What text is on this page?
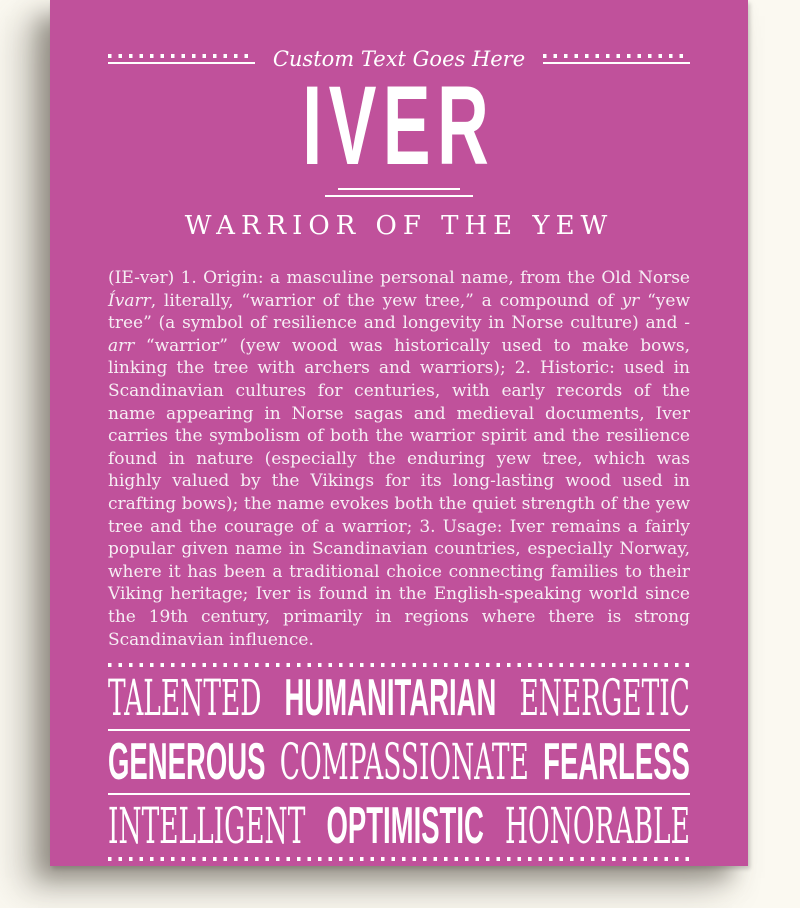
Custom Text Goes Here
IVER
WARRIOR OF THE YEW

(IE-vər) 1. Origin: a masculine personal name, from the Old Norse Ívarr, literally, “warrior of the yew tree,” a compound of yr “yew tree” (a symbol of resilience and longevity in Norse culture) and -arr “warrior” (yew wood was historically used to make bows, linking the tree with archers and warriors); 2. Historic: used in Scandinavian cultures for centuries, with early records of the name appearing in Norse sagas and medieval documents, Iver carries the symbolism of both the warrior spirit and the resilience found in nature (especially the enduring yew tree, which was highly valued by the Vikings for its long-lasting wood used in crafting bows); the name evokes both the quiet strength of the yew tree and the courage of a warrior; 3. Usage: Iver remains a fairly popular given name in Scandinavian countries, especially Norway, where it has been a traditional choice connecting families to their Viking heritage; Iver is found in the English-speaking world since the 19th century, primarily in regions where there is strong Scandinavian influence.

TALENTED HUMANITARIAN ENERGETIC
GENEROUS COMPASSIONATE FEARLESS
INTELLIGENT OPTIMISTIC HONORABLE
